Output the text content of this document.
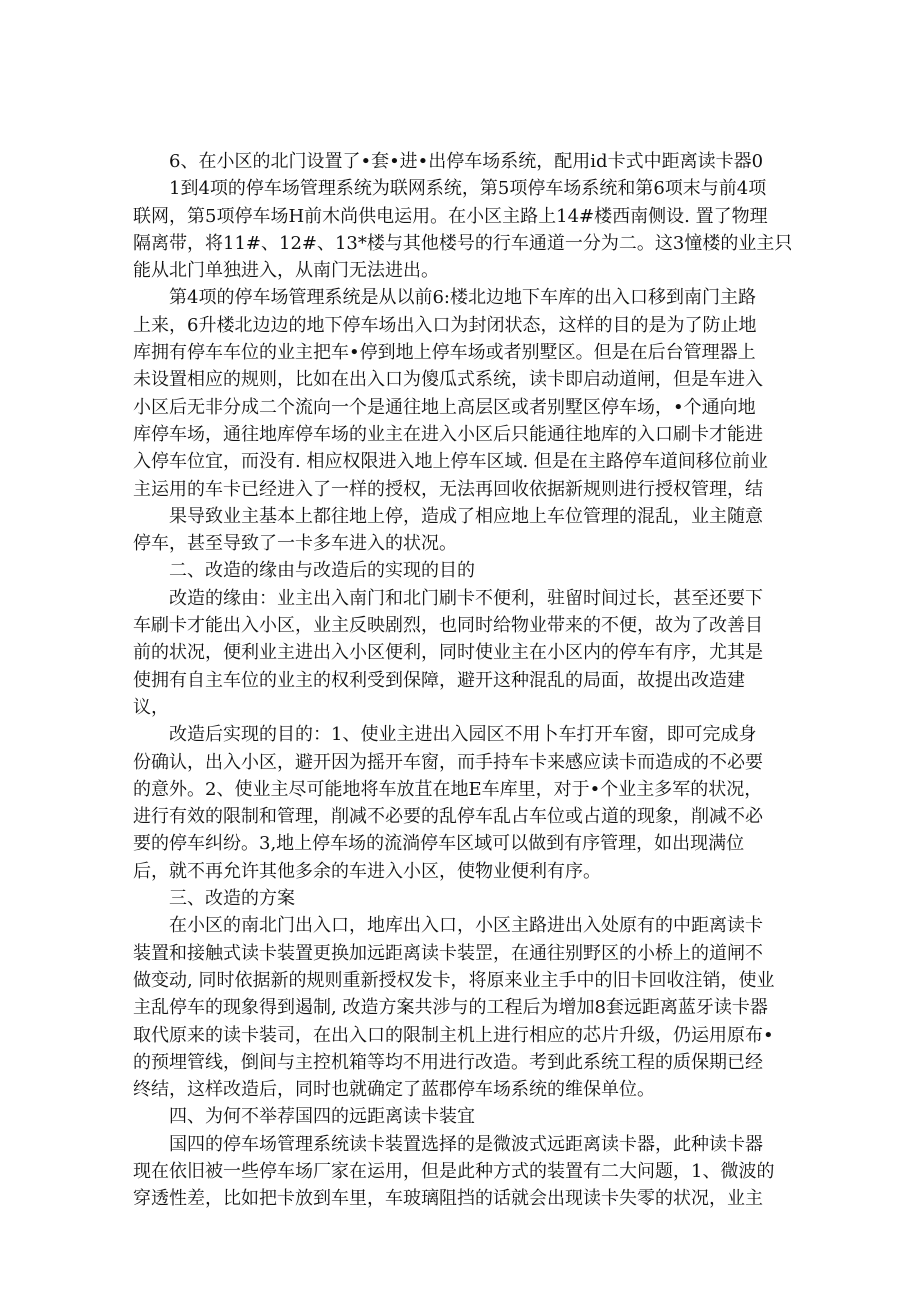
6、在小区的北门设置了•套•进•出停车场系统，配用id卡式中距离读卡器0
1到4项的停车场管理系统为联网系统，第5项停车场系统和第6项末与前4项
联网，第5项停车场H前木尚供电运用。在小区主路上14#楼西南侧设. 置了物理
隔离带，将11#、12#、13*楼与其他楼号的行车通道一分为二。这3憧楼的业主只
能从北门单独进入，从南门无法进出。
第4项的停车场管理系统是从以前6:楼北边地下车库的出入口移到南门主路
上来，6升楼北边边的地下停车场出入口为封闭状态，这样的目的是为了防止地
库拥有停车车位的业主把车•停到地上停车场或者别墅区。但是在后台管理器上
未设置相应的规则，比如在出入口为傻瓜式系统，读卡即启动道闸，但是车进入
小区后无非分成二个流向一个是通往地上高层区或者别墅区停车场，•个通向地
库停车场，通往地库停车场的业主在进入小区后只能通往地库的入口刷卡才能进
入停车位宜，而没有. 相应权限进入地上停车区域. 但是在主路停车道间移位前业
主运用的车卡已经进入了一样的授权，无法再回收依据新规则进行授权管理，结
果导致业主基本上都往地上停，造成了相应地上车位管理的混乱，业主随意
停车，甚至导致了一卡多车进入的状况。
二、改造的缘由与改造后的实现的目的
改造的缘由：业主出入南门和北门刷卡不便利，驻留时间过长，甚至还要下
车刷卡才能出入小区，业主反映剧烈，也同时给物业带来的不便，故为了改善目
前的状况，便利业主进出入小区便利，同时使业主在小区内的停车有序，尤其是
使拥有自主车位的业主的权利受到保障，避开这种混乱的局面，故提出改造建
议，
改造后实现的目的：1、使业主进出入园区不用卜车打开车窗，即可完成身
份确认，出入小区，避开因为摇开车窗，而手持车卡来感应读卡而造成的不必要
的意外。2、使业主尽可能地将车放苴在地E车库里，对于•个业主多军的状况，
进行有效的限制和管理，削减不必要的乱停车乱占车位或占道的现象，削减不必
要的停车纠纷。3,地上停车场的流淌停车区域可以做到有序管理，如出现满位
后，就不再允许其他多余的车进入小区，使物业便利有序。
三、改造的方案
在小区的南北门出入口，地库出入口，小区主路进出入处原有的中距离读卡
装置和接触式读卡装置更换加远距离读卡装罡，在通往别野区的小桥上的道闸不
做变动, 同时依据新的规则重新授权发卡，将原来业主手中的旧卡回收注销，使业
主乱停车的现象得到遏制, 改造方案共涉与的工程后为增加8套远距离蓝牙读卡器
取代原来的读卡装司，在出入口的限制主机上进行相应的芯片升级，仍运用原布•
的预埋管线，倒间与主控机箱等均不用进行改造。考到此系统工程的质保期已经
终结，这样改造后，同时也就确定了蓝郡停车场系统的维保单位。
四、为何不举荐国四的远距离读卡装宜
国四的停车场管理系统读卡装置选择的是微波式远距离读卡器，此种读卡器
现在依旧被一些停车场厂家在运用，但是此种方式的装置有二大问题，1、微波的
穿透性差，比如把卡放到车里，车玻璃阻挡的话就会出现读卡失零的状况，业主
